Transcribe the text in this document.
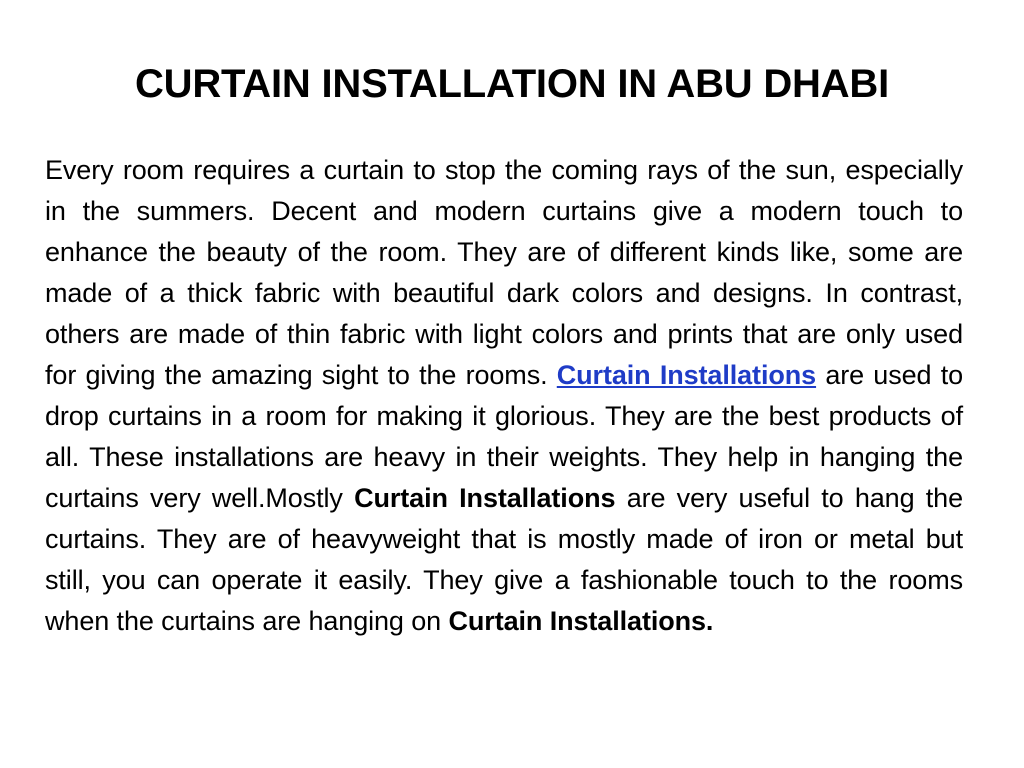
CURTAIN INSTALLATION IN ABU DHABI

Every room requires a curtain to stop the coming rays of the sun, especially in the summers. Decent and modern curtains give a modern touch to enhance the beauty of the room. They are of different kinds like, some are made of a thick fabric with beautiful dark colors and designs. In contrast, others are made of thin fabric with light colors and prints that are only used for giving the amazing sight to the rooms. Curtain Installations are used to drop curtains in a room for making it glorious. They are the best products of all. These installations are heavy in their weights. They help in hanging the curtains very well.Mostly Curtain Installations are very useful to hang the curtains. They are of heavyweight that is mostly made of iron or metal but still, you can operate it easily. They give a fashionable touch to the rooms when the curtains are hanging on Curtain Installations.
